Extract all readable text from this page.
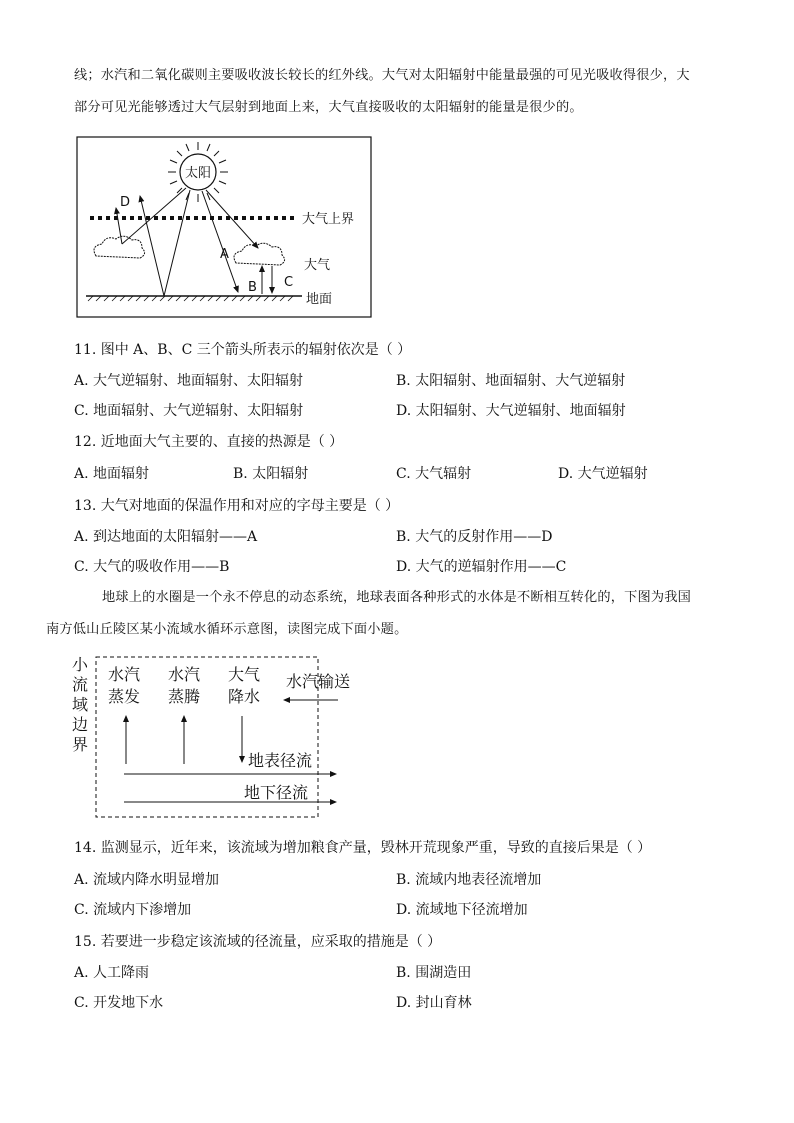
线；水汽和二氧化碳则主要吸收波长较长的红外线。大气对太阳辐射中能量最强的可见光吸收得很少，大
部分可见光能够透过大气层射到地面上来，大气直接吸收的太阳辐射的能量是很少的。
太阳
大气上界
大气
地面
D
A
B C
11. 图中 A、B、C 三个箭头所表示的辐射依次是（ ）
A. 大气逆辐射、地面辐射、太阳辐射	B. 太阳辐射、地面辐射、大气逆辐射
C. 地面辐射、大气逆辐射、太阳辐射	D. 太阳辐射、大气逆辐射、地面辐射
12. 近地面大气主要的、直接的热源是（ ）
A. 地面辐射	B. 太阳辐射	C. 大气辐射	D. 大气逆辐射
13. 大气对地面的保温作用和对应的字母主要是（ ）
A. 到达地面的太阳辐射——A	B. 大气的反射作用——D
C. 大气的吸收作用——B	D. 大气的逆辐射作用——C
地球上的水圈是一个永不停息的动态系统，地球表面各种形式的水体是不断相互转化的，下图为我国
南方低山丘陵区某小流域水循环示意图，读图完成下面小题。
小
流
域
边
界
水汽
蒸发
水汽
蒸腾
大气
降水
水汽输送
地表径流
地下径流
14. 监测显示，近年来，该流域为增加粮食产量，毁林开荒现象严重，导致的直接后果是（ ）
A. 流域内降水明显增加	B. 流域内地表径流增加
C. 流域内下渗增加	D. 流域地下径流增加
15. 若要进一步稳定该流域的径流量，应采取的措施是（ ）
A. 人工降雨	B. 围湖造田
C. 开发地下水	D. 封山育林
